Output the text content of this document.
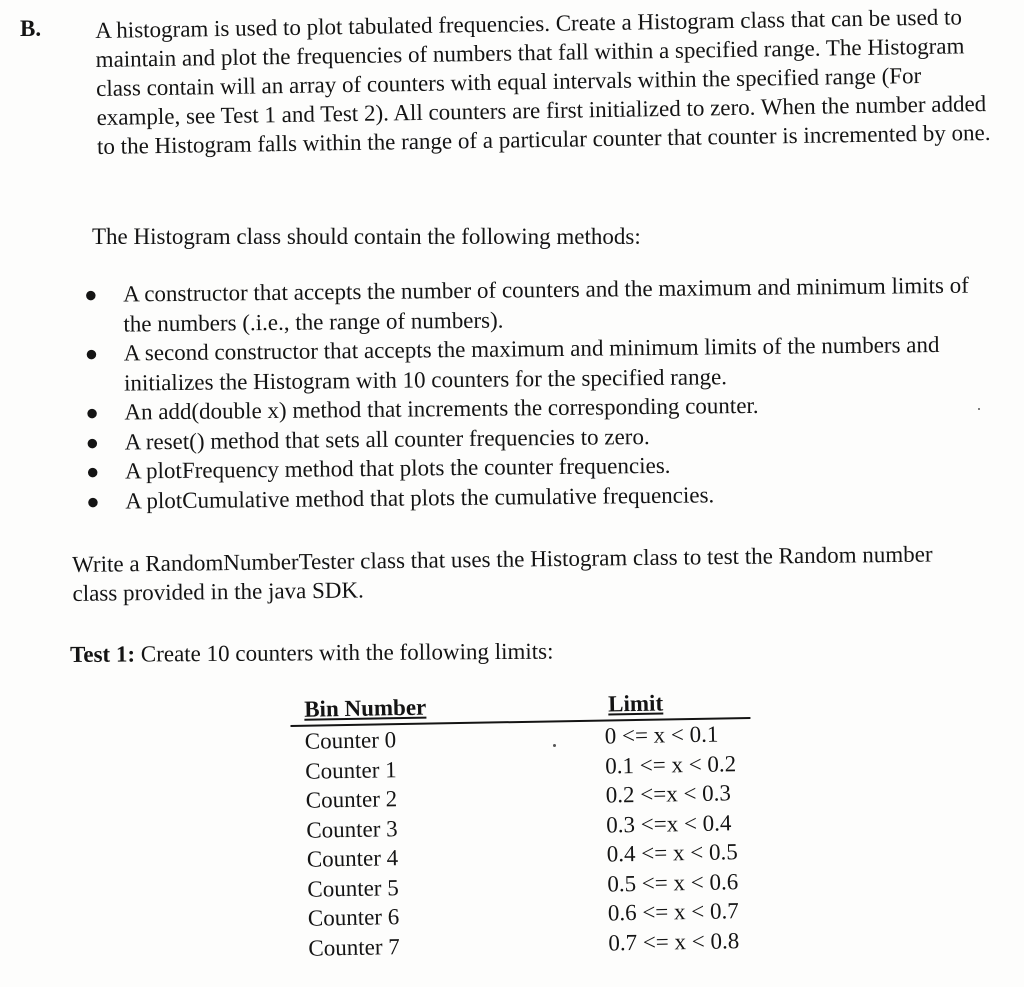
B. A histogram is used to plot tabulated frequencies. Create a Histogram class that can be used to maintain and plot the frequencies of numbers that fall within a specified range. The Histogram class contain will an array of counters with equal intervals within the specified range (For example, see Test 1 and Test 2). All counters are first initialized to zero. When the number added to the Histogram falls within the range of a particular counter that counter is incremented by one.
The Histogram class should contain the following methods:
● A constructor that accepts the number of counters and the maximum and minimum limits of the numbers (.i.e., the range of numbers).
● A second constructor that accepts the maximum and minimum limits of the numbers and initializes the Histogram with 10 counters for the specified range.
● An add(double x) method that increments the corresponding counter.
● A reset() method that sets all counter frequencies to zero.
● A plotFrequency method that plots the counter frequencies.
● A plotCumulative method that plots the cumulative frequencies.
Write a RandomNumberTester class that uses the Histogram class to test the Random number class provided in the java SDK.
Test 1: Create 10 counters with the following limits:
Bin Number	Limit
Counter 0	0 <= x < 0.1
Counter 1	0.1 <= x < 0.2
Counter 2	0.2 <=x < 0.3
Counter 3	0.3 <=x < 0.4
Counter 4	0.4 <= x < 0.5
Counter 5	0.5 <= x < 0.6
Counter 6	0.6 <= x < 0.7
Counter 7	0.7 <= x < 0.8
